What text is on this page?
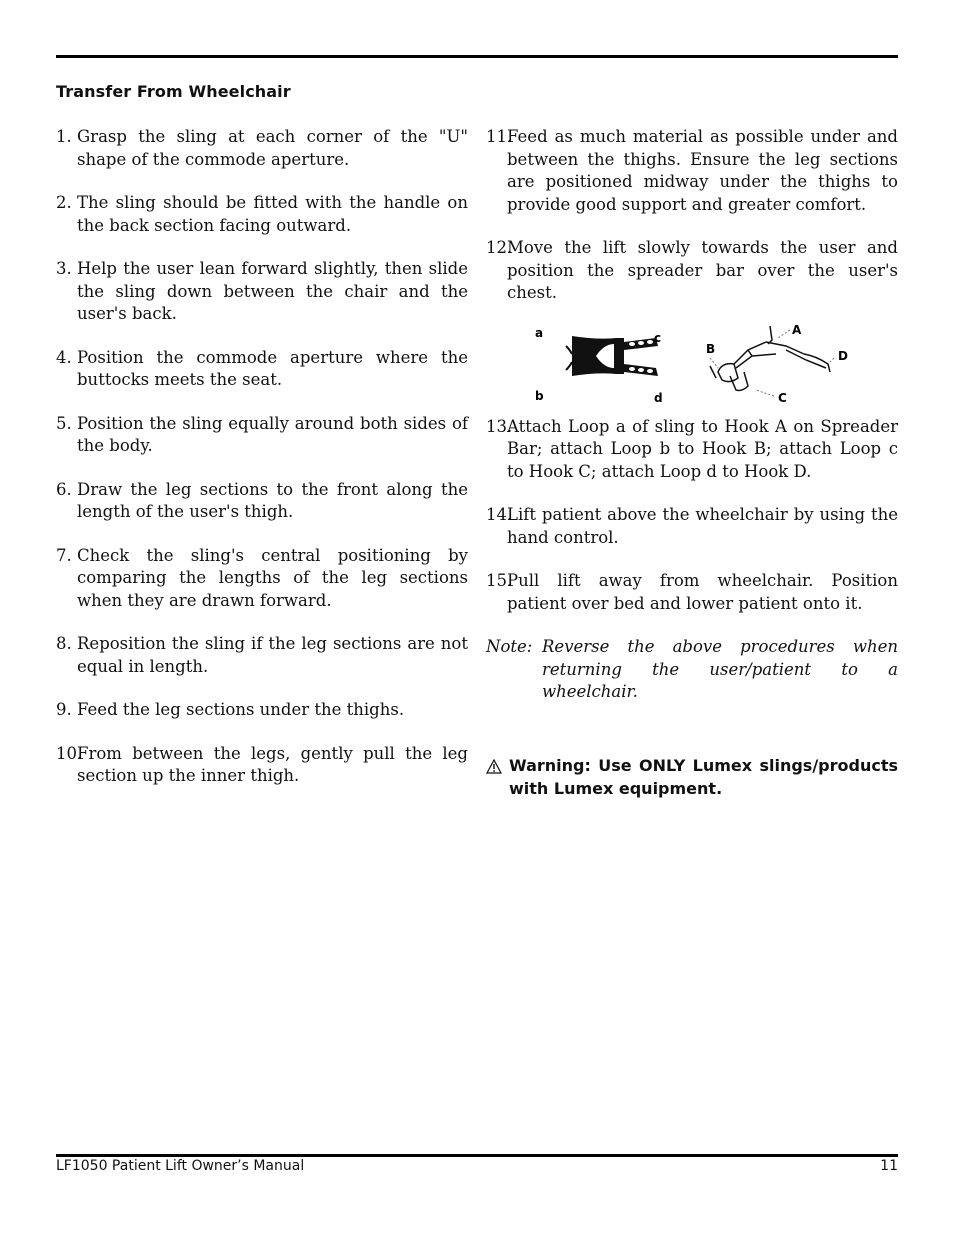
Transfer From Wheelchair

1. Grasp the sling at each corner of the "U" shape of the commode aperture.

2. The sling should be fitted with the handle on the back section facing outward.

3. Help the user lean forward slightly, then slide the sling down between the chair and the user's back.

4. Position the commode aperture where the buttocks meets the seat.

5. Position the sling equally around both sides of the body.

6. Draw the leg sections to the front along the length of the user's thigh.

7. Check the sling's central positioning by comparing the lengths of the leg sections when they are drawn forward.

8. Reposition the sling if the leg sections are not equal in length.

9. Feed the leg sections under the thighs.

10.
From between the legs, gently pull the leg section up the inner thigh.

11.
Feed as much material as possible under and between the thighs. Ensure the leg sections are positioned midway under the thighs to provide good support and greater comfort.

12.
Move the lift slowly towards the user and position the spreader bar over the user's chest.

a
b
c
d
A
B
C
D

13.
Attach Loop a of sling to Hook A on Spreader Bar; attach Loop b to Hook B; attach Loop c to Hook C; attach Loop d to Hook D.

14.
Lift patient above the wheelchair by using the hand control.

15.
Pull lift away from wheelchair. Position patient over bed and lower patient onto it.

Note: Reverse the above procedures when returning the user/patient to a wheelchair.

Warning: Use ONLY Lumex slings/products with Lumex equipment.
LF1050 Patient Lift Owner’s Manual	11
